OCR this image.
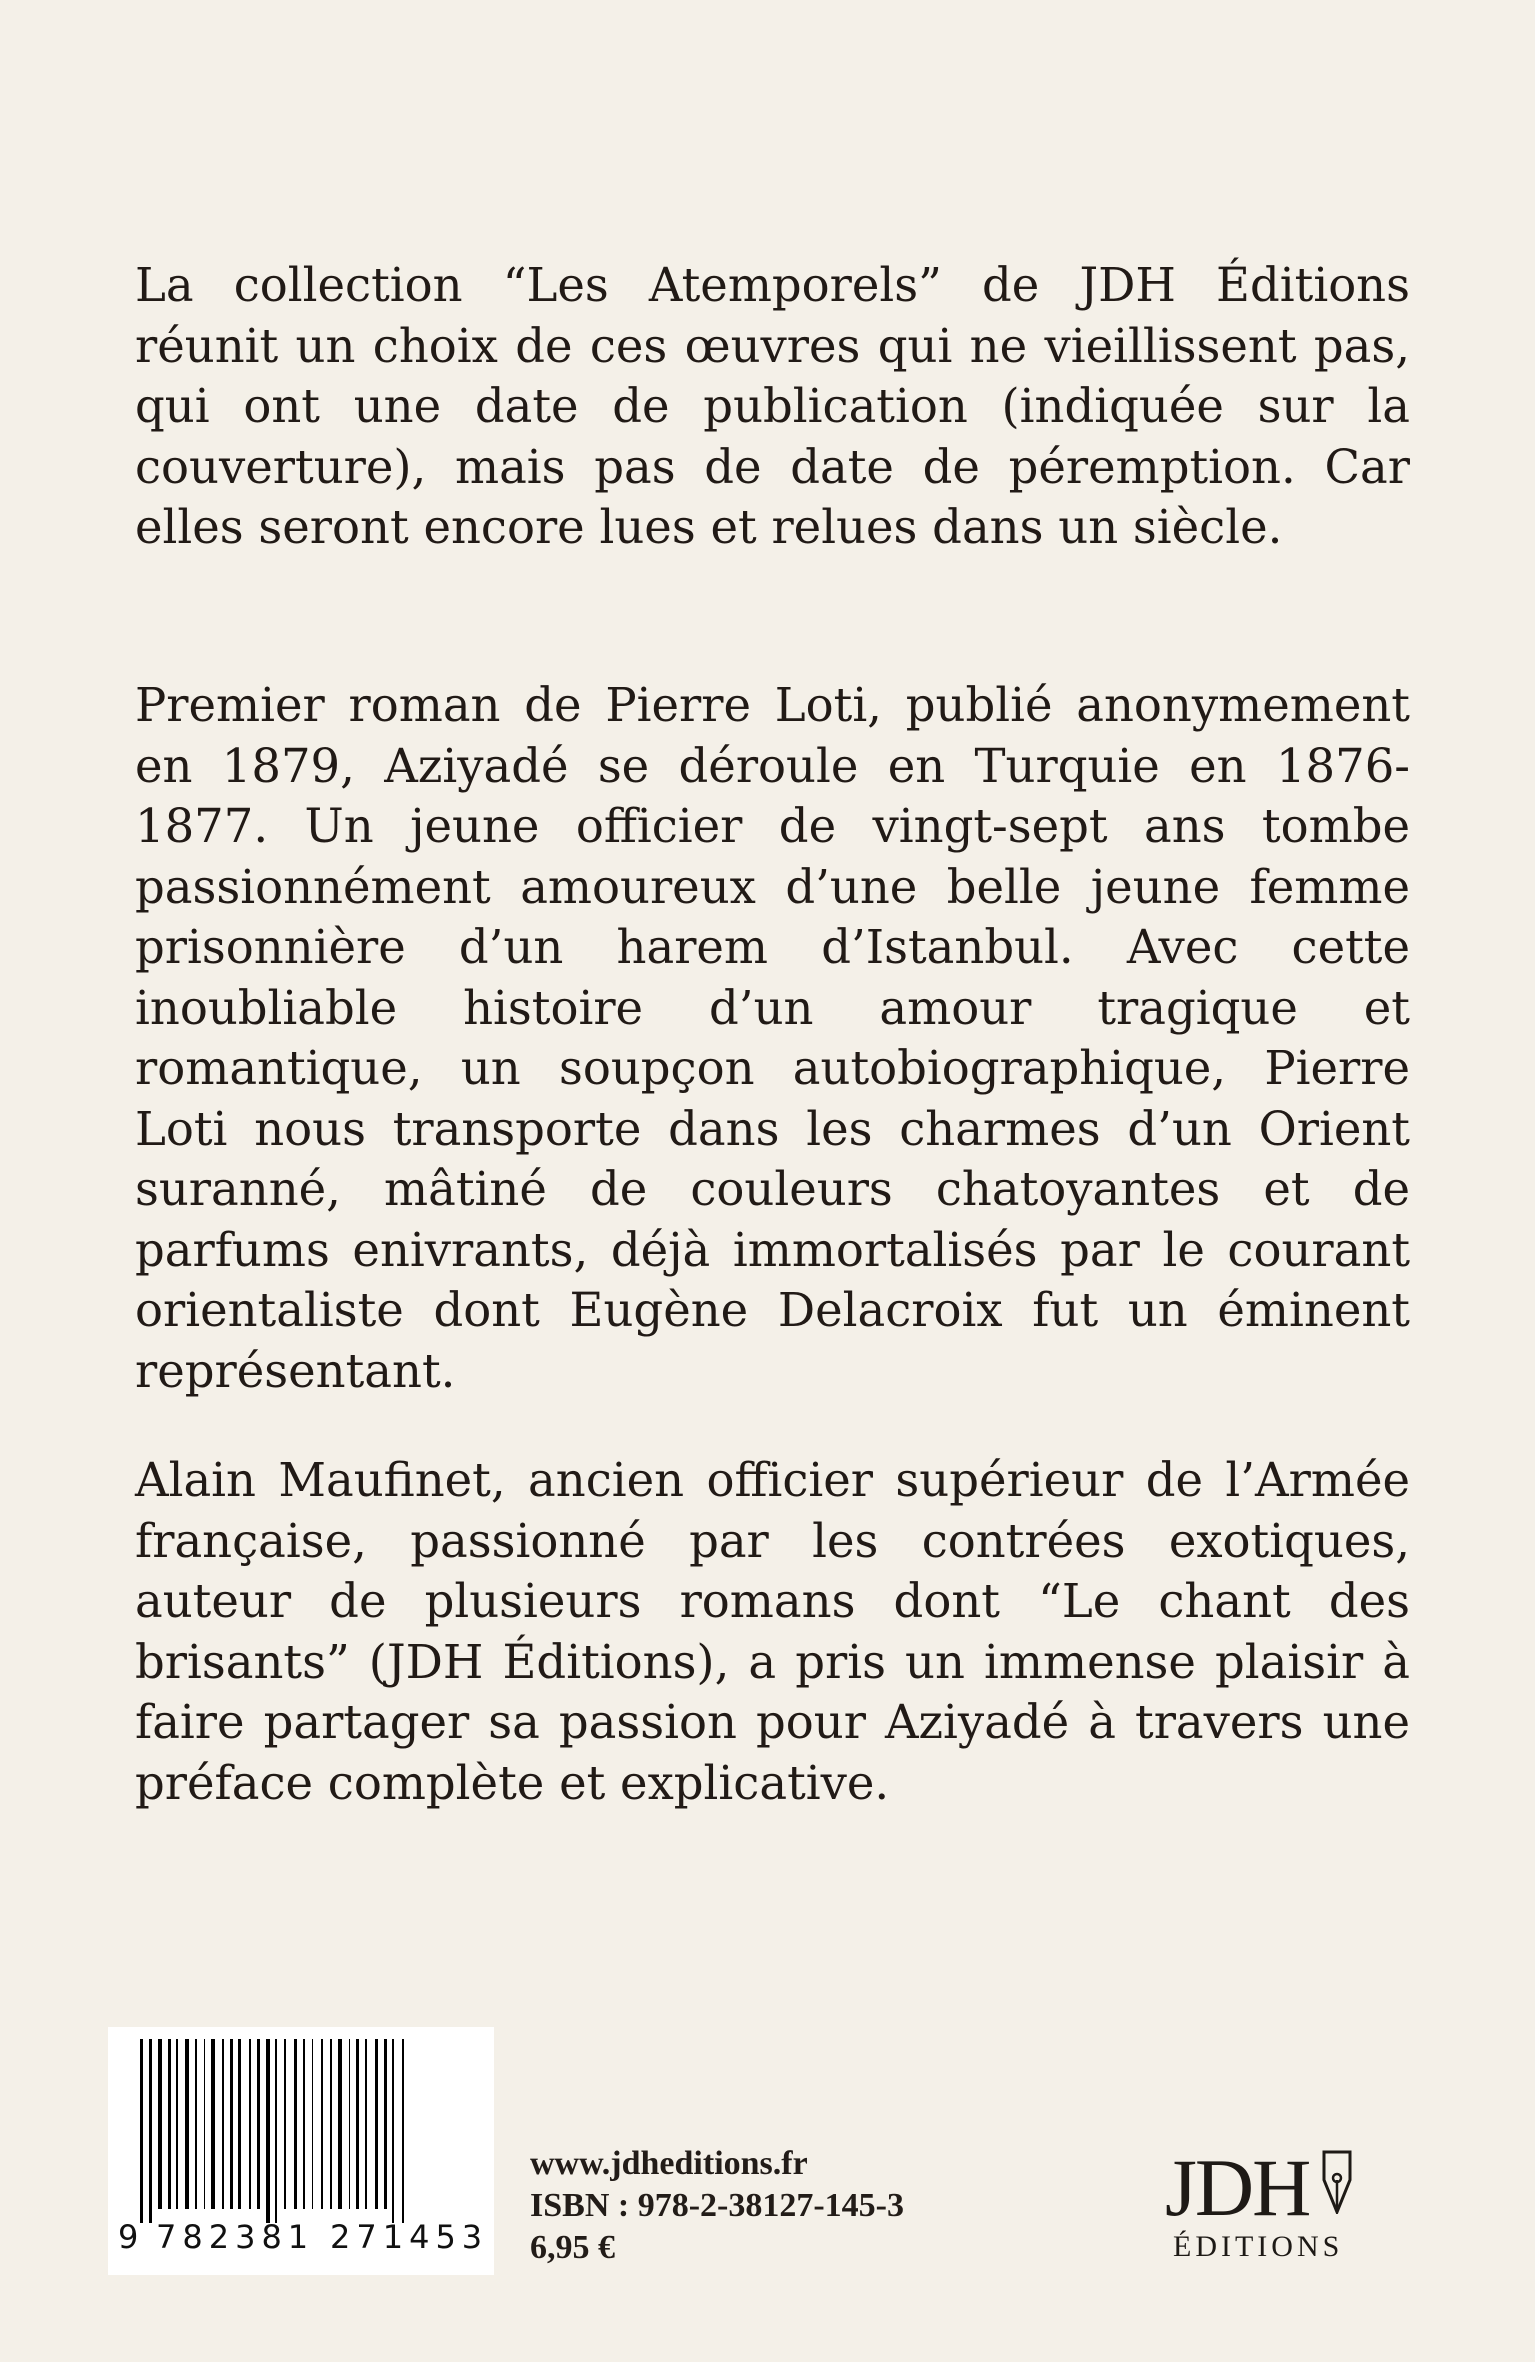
La collection “Les Atemporels” de JDH Éditions réunit un choix de ces œuvres qui ne vieillissent pas, qui ont une date de publication (indiquée sur la couverture), mais pas de date de péremption. Car elles seront encore lues et relues dans un siècle.

Premier roman de Pierre Loti, publié anonymement en 1879, Aziyadé se déroule en Turquie en 1876-1877. Un jeune officier de vingt-sept ans tombe passionnément amoureux d’une belle jeune femme prisonnière d’un harem d’Istanbul. Avec cette inoubliable histoire d’un amour tragique et romantique, un soupçon autobiographique, Pierre Loti nous transporte dans les charmes d’un Orient suranné, mâtiné de couleurs chatoyantes et de parfums enivrants, déjà immortalisés par le courant orientaliste dont Eugène Delacroix fut un éminent représentant.

Alain Maufinet, ancien officier supérieur de l’Armée française, passionné par les contrées exotiques, auteur de plusieurs romans dont “Le chant des brisants” (JDH Éditions), a pris un immense plaisir à faire partager sa passion pour Aziyadé à travers une préface complète et explicative.

9 782381 271453
www.jdheditions.fr
ISBN : 978-2-38127-145-3
6,95 €
JDH
ÉDITIONS
